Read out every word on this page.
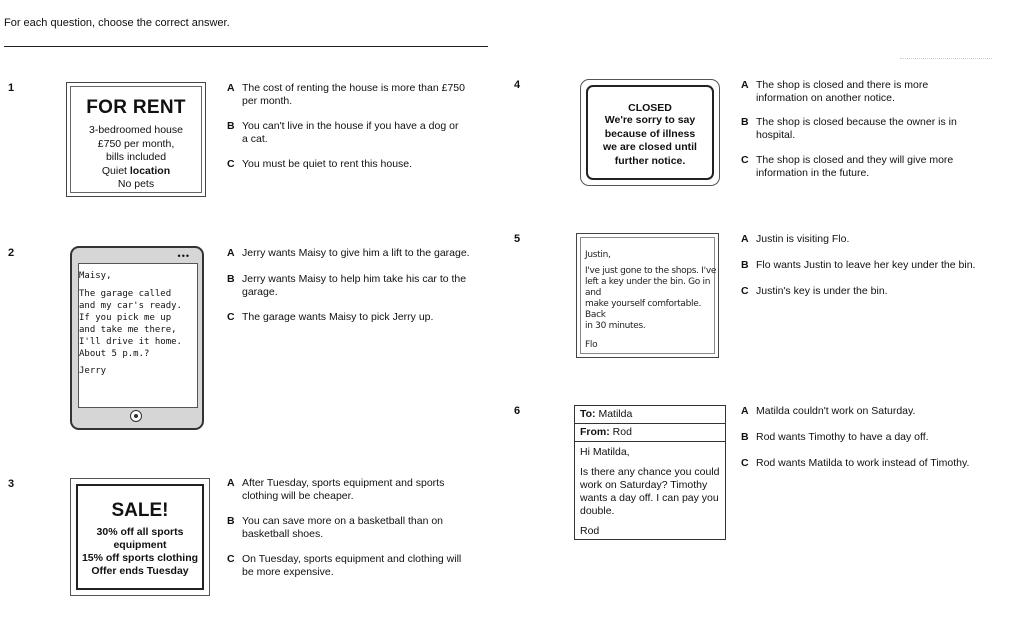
For each question, choose the correct answer.
1
FOR RENT
3-bedroomed house
£750 per month,
bills included
Quiet location
No pets
A The cost of renting the house is more than £750 per month.
B You can't live in the house if you have a dog or a cat.
C You must be quiet to rent this house.
2	•••
Maisy,
The garage called
and my car's ready.
If you pick me up
and take me there,
I'll drive it home.
About 5 p.m.?
Jerry
A Jerry wants Maisy to give him a lift to the garage.
B Jerry wants Maisy to help him take his car to the garage.
C The garage wants Maisy to pick Jerry up.
3
SALE!
30% off all sports
equipment
15% off sports clothing
Offer ends Tuesday
A After Tuesday, sports equipment and sports clothing will be cheaper.
B You can save more on a basketball than on basketball shoes.
C On Tuesday, sports equipment and clothing will be more expensive.
4
CLOSED
We're sorry to say
because of illness
we are closed until
further notice.
A The shop is closed and there is more information on another notice.
B The shop is closed because the owner is in hospital.
C The shop is closed and they will give more information in the future.
5
Justin,
I've just gone to the shops. I've
left a key under the bin. Go in and
make yourself comfortable. Back
in 30 minutes.
Flo
A Justin is visiting Flo.
B Flo wants Justin to leave her key under the bin.
C Justin's key is under the bin.
6	To: Matilda
From: Rod

Hi Matilda,

Is there any chance you could work on Saturday? Timothy wants a day off. I can pay you double.

Rod

A Matilda couldn't work on Saturday.
B Rod wants Timothy to have a day off.
C Rod wants Matilda to work instead of Timothy.
